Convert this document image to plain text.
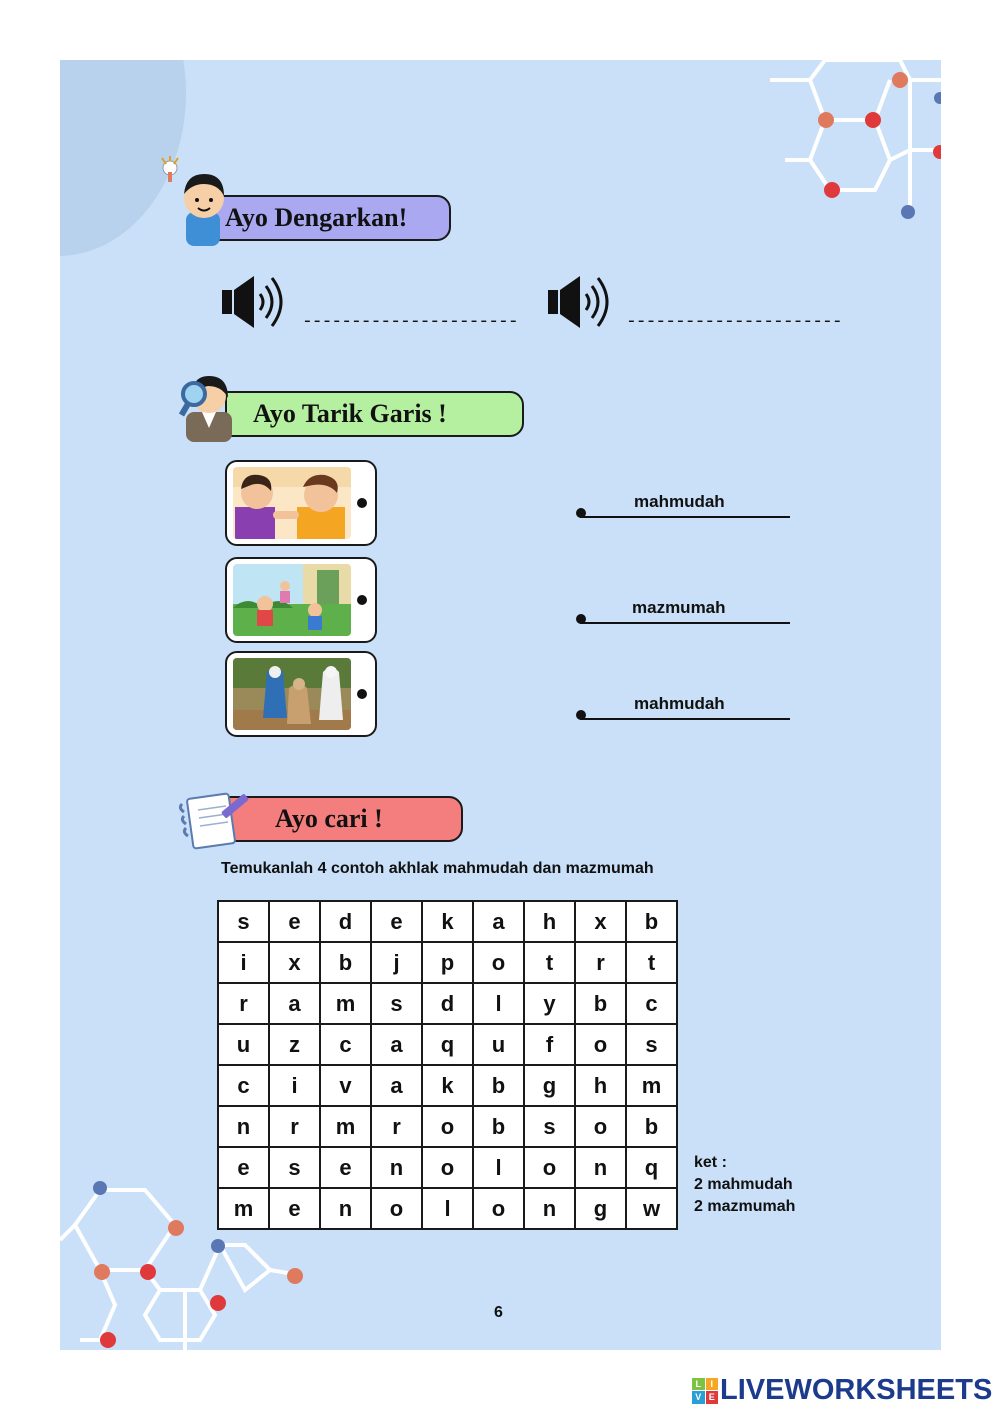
Ayo Dengarkan!
----------------------	----------------------
Ayo Tarik Garis !
mahmudah
mazmumah
mahmudah
Ayo cari !
Temukanlah 4 contoh akhlak mahmudah dan mazmumah
s	e	d	e	k	a	h	x	b
i	x	b	j	p	o	t	r	t
r	a	m	s	d	l	y	b	c
u	z	c	a	q	u	f	o	s
c	i	v	a	k	b	g	h	m
n	r	m	r	o	b	s	o	b
e	s	e	n	o	l	o	n	q
m	e	n	o	l	o	n	g	w
ket :
2 mahmudah
2 mazmumah
6
L	I
V E LIVEWORKSHEETS
